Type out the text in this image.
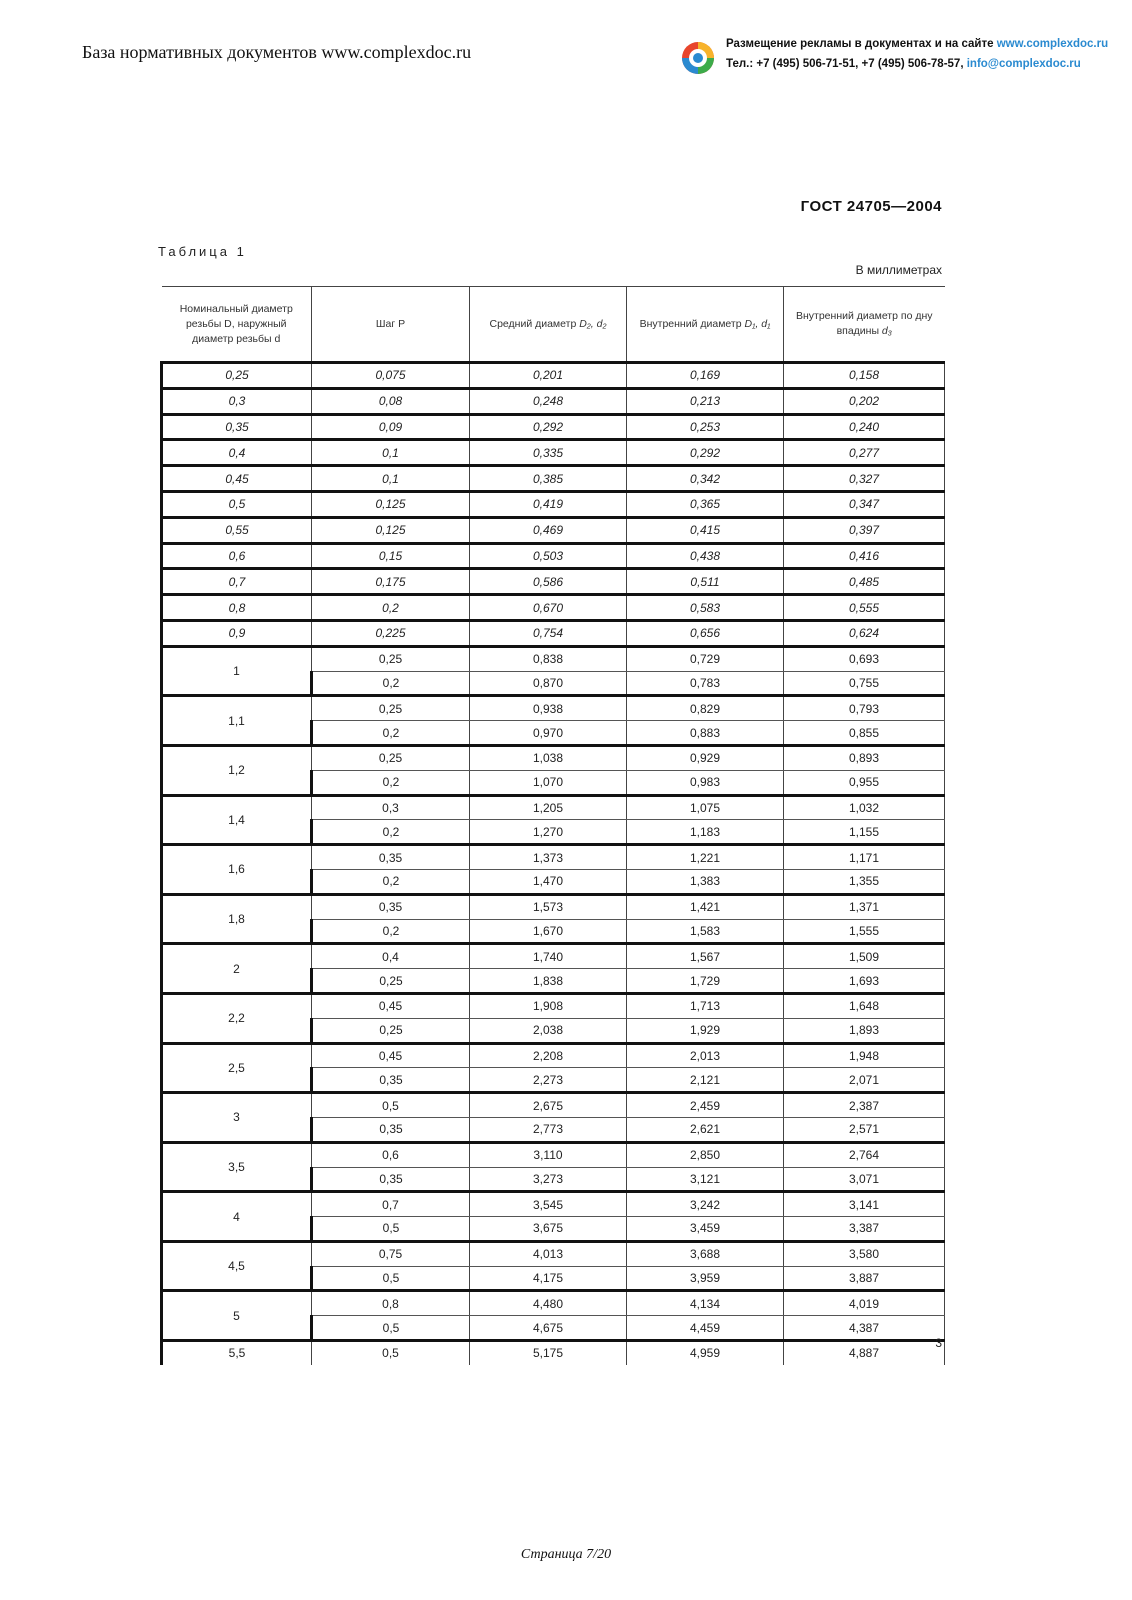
База нормативных документов www.complexdoc.ru	Размещение рекламы в документах и на сайте www.complexdoc.ru
Тел.: +7 (495) 506-71-51, +7 (495) 506-78-57, info@complexdoc.ru
ГОСТ 24705—2004
Таблица 1
В миллиметрах
Номинальный диаметр резьбы D, наружный диаметр резьбы d	Шаг P	Средний диаметр D₂, d₂	Внутренний диаметр D₁, d₁	Внутренний диаметр по дну впадины d₃
0,25	0,075	0,201	0,169	0,158
0,3	0,08	0,248	0,213	0,202
0,35	0,09	0,292	0,253	0,240
0,4	0,1	0,335	0,292	0,277
0,45	0,1	0,385	0,342	0,327
0,5	0,125	0,419	0,365	0,347
0,55	0,125	0,469	0,415	0,397
0,6	0,15	0,503	0,438	0,416
0,7	0,175	0,586	0,511	0,485
0,8	0,2	0,670	0,583	0,555
0,9	0,225	0,754	0,656	0,624
1	0,25	0,838	0,729	0,693
	0,2	0,870	0,783	0,755
1,1	0,25	0,938	0,829	0,793
	0,2	0,970	0,883	0,855
1,2	0,25	1,038	0,929	0,893
	0,2	1,070	0,983	0,955
1,4	0,3	1,205	1,075	1,032
	0,2	1,270	1,183	1,155
1,6	0,35	1,373	1,221	1,171
	0,2	1,470	1,383	1,355
1,8	0,35	1,573	1,421	1,371
	0,2	1,670	1,583	1,555
2	0,4	1,740	1,567	1,509
	0,25	1,838	1,729	1,693
2,2	0,45	1,908	1,713	1,648
	0,25	2,038	1,929	1,893
2,5	0,45	2,208	2,013	1,948
	0,35	2,273	2,121	2,071
3	0,5	2,675	2,459	2,387
	0,35	2,773	2,621	2,571
3,5	0,6	3,110	2,850	2,764
	0,35	3,273	3,121	3,071
4	0,7	3,545	3,242	3,141
	0,5	3,675	3,459	3,387
4,5	0,75	4,013	3,688	3,580
	0,5	4,175	3,959	3,887
5	0,8	4,480	4,134	4,019
	0,5	4,675	4,459	4,387
5,5	0,5	5,175	4,959	4,887
3
Страница 7/20
